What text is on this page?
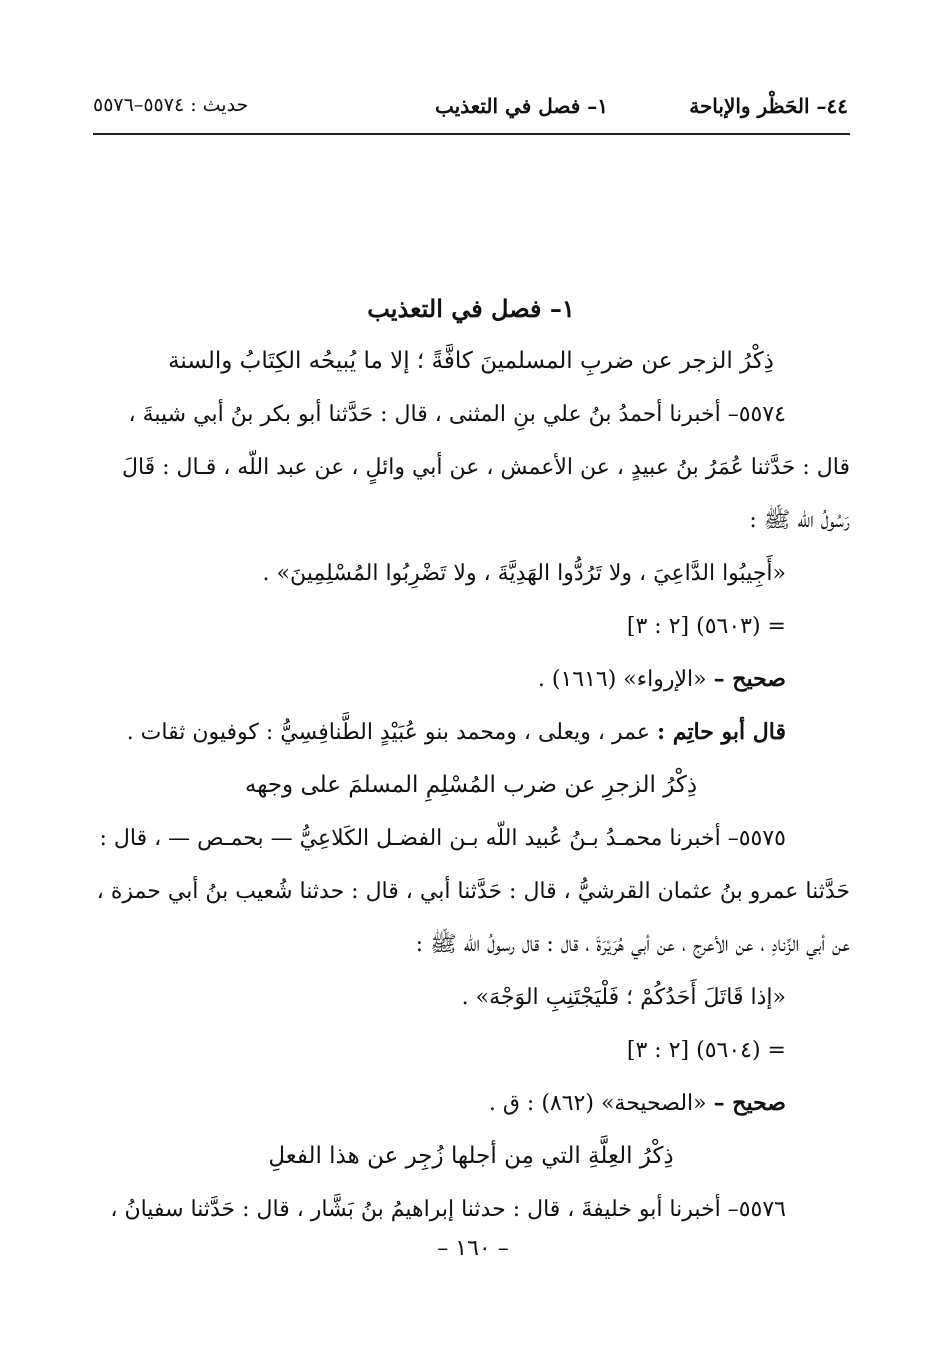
٤٤– الحَظْر والإباحة
١– فصل في التعذيب
حديث : ٥٥٧٤–٥٥٧٦

١– فصل في التعذيب

ذِكْرُ الزجر عن ضربِ المسلمينَ كافَّةً ؛ إلا ما يُبيحُه الكِتَابُ والسنة

٥٥٧٤– أخبرنا أحمدُ بنُ علي بنِ المثنى ، قال : حَدَّثنا أبو بكر بنُ أبي شيبةَ ،

قال : حَدَّثنا عُمَرُ بنُ عبيدٍ ، عن الأعمش ، عن أبي وائلٍ ، عن عبد اللّه ، قـال : قَالَ

رَسُولُ اللّه ﷺ :

«أَجِيبُوا الدَّاعِيَ ، ولا تَرُدُّوا الهَدِيَّةَ ، ولا تَضْرِبُوا المُسْلِمِينَ» .

= (٥٦٠٣) [٢ : ٣]

صحيح – «الإرواء» (١٦١٦) .

قال أبو حاتِم : عمر ، ويعلى ، ومحمد بنو عُبَيْدٍ الطَّنافِسِيُّ : كوفيون ثقات .

ذِكْرُ الزجرِ عن ضرب المُسْلِمِ المسلمَ على وجهه

٥٥٧٥– أخبرنا محمـدُ بـنُ عُبيد اللّه بـن الفضـل الكَلاعِيُّ — بحمـص — ، قال :

حَدَّثنا عمرو بنُ عثمان القرشيُّ ، قال : حَدَّثنا أبي ، قال : حدثنا شُعيب بنُ أبي حمزة ،

عن أبي الزِّنادِ ، عن الأعرج ، عن أبي هُرَيْرَةَ ، قال : قال رسولُ اللّه ﷺ :

«إذا قَاتَلَ أَحَدُكُمْ ؛ فَلْيَجْتَنِبِ الوَجْهَ» .

= (٥٦٠٤) [٢ : ٣]

صحيح – «الصحيحة» (٨٦٢) : ق .

ذِكْرُ العِلَّةِ التي مِن أجلها زُجِر عن هذا الفعلِ

٥٥٧٦– أخبرنا أبو خليفةَ ، قال : حدثنا إبراهيمُ بنُ بَشَّار ، قال : حَدَّثنا سفيانُ ،

– ١٦٠ –
